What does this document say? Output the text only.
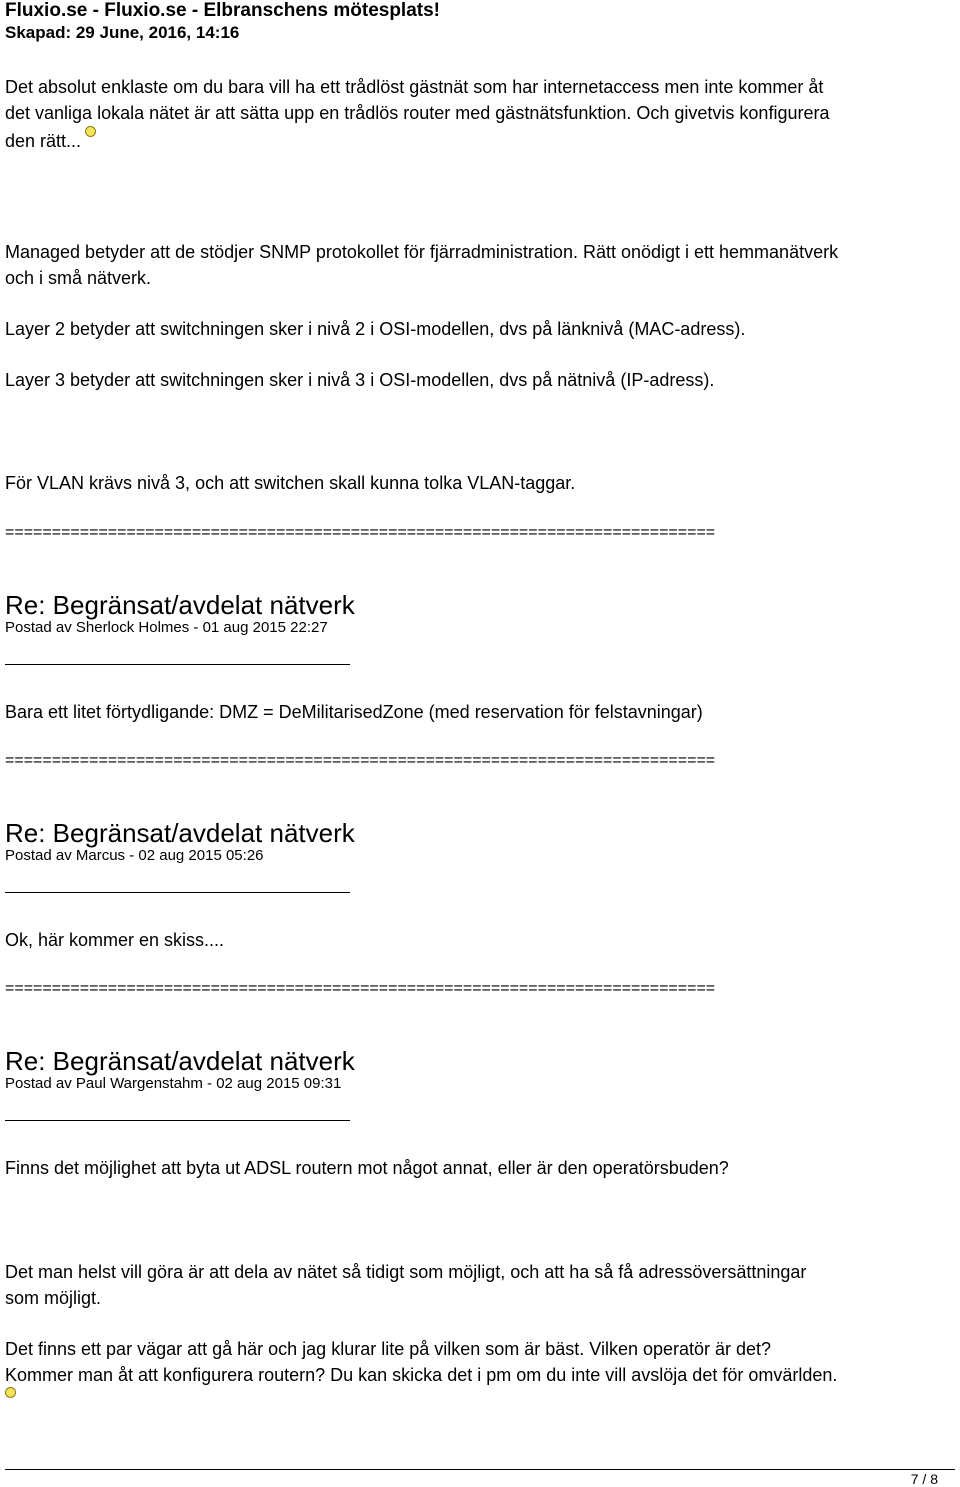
Fluxio.se - Fluxio.se - Elbranschens mötesplats!
Skapad: 29 June, 2016, 14:16
Det absolut enklaste om du bara vill ha ett trådlöst gästnät som har internetaccess men inte kommer åt
det vanliga lokala nätet är att sätta upp en trådlös router med gästnätsfunktion. Och givetvis konfigurera
den rätt...
Managed betyder att de stödjer SNMP protokollet för fjärradministration. Rätt onödigt i ett hemmanätverk
och i små nätverk.
Layer 2 betyder att switchningen sker i nivå 2 i OSI-modellen, dvs på länknivå (MAC-adress).
Layer 3 betyder att switchningen sker i nivå 3 i OSI-modellen, dvs på nätnivå (IP-adress).
För VLAN krävs nivå 3, och att switchen skall kunna tolka VLAN-taggar.
============================================================================
Re: Begränsat/avdelat nätverk
Postad av Sherlock Holmes - 01 aug 2015 22:27
Bara ett litet förtydligande: DMZ = DeMilitarisedZone (med reservation för felstavningar)
============================================================================
Re: Begränsat/avdelat nätverk
Postad av Marcus - 02 aug 2015 05:26
Ok, här kommer en skiss....
============================================================================
Re: Begränsat/avdelat nätverk
Postad av Paul Wargenstahm - 02 aug 2015 09:31
Finns det möjlighet att byta ut ADSL routern mot något annat, eller är den operatörsbuden?
Det man helst vill göra är att dela av nätet så tidigt som möjligt, och att ha så få adressöversättningar
som möjligt.
Det finns ett par vägar att gå här och jag klurar lite på vilken som är bäst. Vilken operatör är det?
Kommer man åt att konfigurera routern? Du kan skicka det i pm om du inte vill avslöja det för omvärlden.
7 / 8
